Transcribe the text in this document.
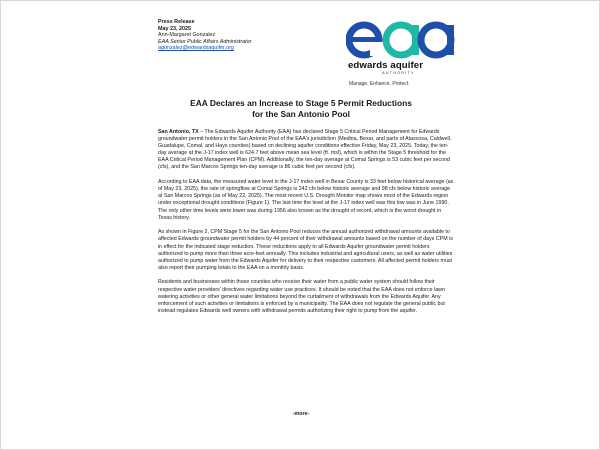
Press Release
May 23, 2025
Ann-Margaret Gonzalez
EAA Senior Public Affairs Administrator
agonzalez@edwardsaquifer.org
edwards aquifer
AUTHORITY
Manage. Enhance. Protect.
EAA Declares an Increase to Stage 5 Permit Reductions
for the San Antonio Pool

San Antonio, TX – The Edwards Aquifer Authority (EAA) has declared Stage 5 Critical Period Management for Edwards groundwater permit holders in the San Antonio Pool of the EAA's jurisdiction (Medina, Bexar, and parts of Atascosa, Caldwell, Guadalupe, Comal, and Hays counties) based on declining aquifer conditions effective Friday, May 23, 2025. Today, the ten-day average at the J-17 index well is 624.7 feet above mean sea level (ft. msl), which is within the Stage 5 threshold for the EAA Critical Period Management Plan (CPM). Additionally, the ten-day average at Comal Springs is 53 cubic feet per second (cfs), and the San Marcos Springs ten-day average is 86 cubic feet per second (cfs).

According to EAA data, the measured water level in the J-17 index well in Bexar County is 33 feet below historical average (as of May 23, 2025), the rate of springflow at Comal Springs is 242 cfs below historic average and 98 cfs below historic average at San Marcos Springs (as of May 22, 2025). The most recent U.S. Drought Monitor map shows most of the Edwards region under exceptional drought conditions (Figure 1). The last time the level at the J-17 index well was this low was in June 1990. The only other time levels were lower was during 1956 also known as the drought of record, which is the worst drought in Texas history.

As shown in Figure 2, CPM Stage 5 for the San Antonio Pool reduces the annual authorized withdrawal amounts available to affected Edwards groundwater permit holders by 44 percent of their withdrawal amounts based on the number of days CPM is in effect for the indicated stage reduction. These reductions apply to all Edwards Aquifer groundwater permit holders authorized to pump more than three acre-feet annually. This includes industrial and agricultural users, as well as water utilities authorized to pump water from the Edwards Aquifer for delivery to their respective customers. All affected permit holders must also report their pumping totals to the EAA on a monthly basis.

Residents and businesses within those counties who receive their water from a public water system should follow their respective water providers' directives regarding water use practices. It should be noted that the EAA does not enforce lawn watering activities or other general water limitations beyond the curtailment of withdrawals from the Edwards Aquifer. Any enforcement of such activities or limitations is enforced by a municipality. The EAA does not regulate the general public but instead regulates Edwards well owners with withdrawal permits authorizing their right to pump from the aquifer.

-more-
